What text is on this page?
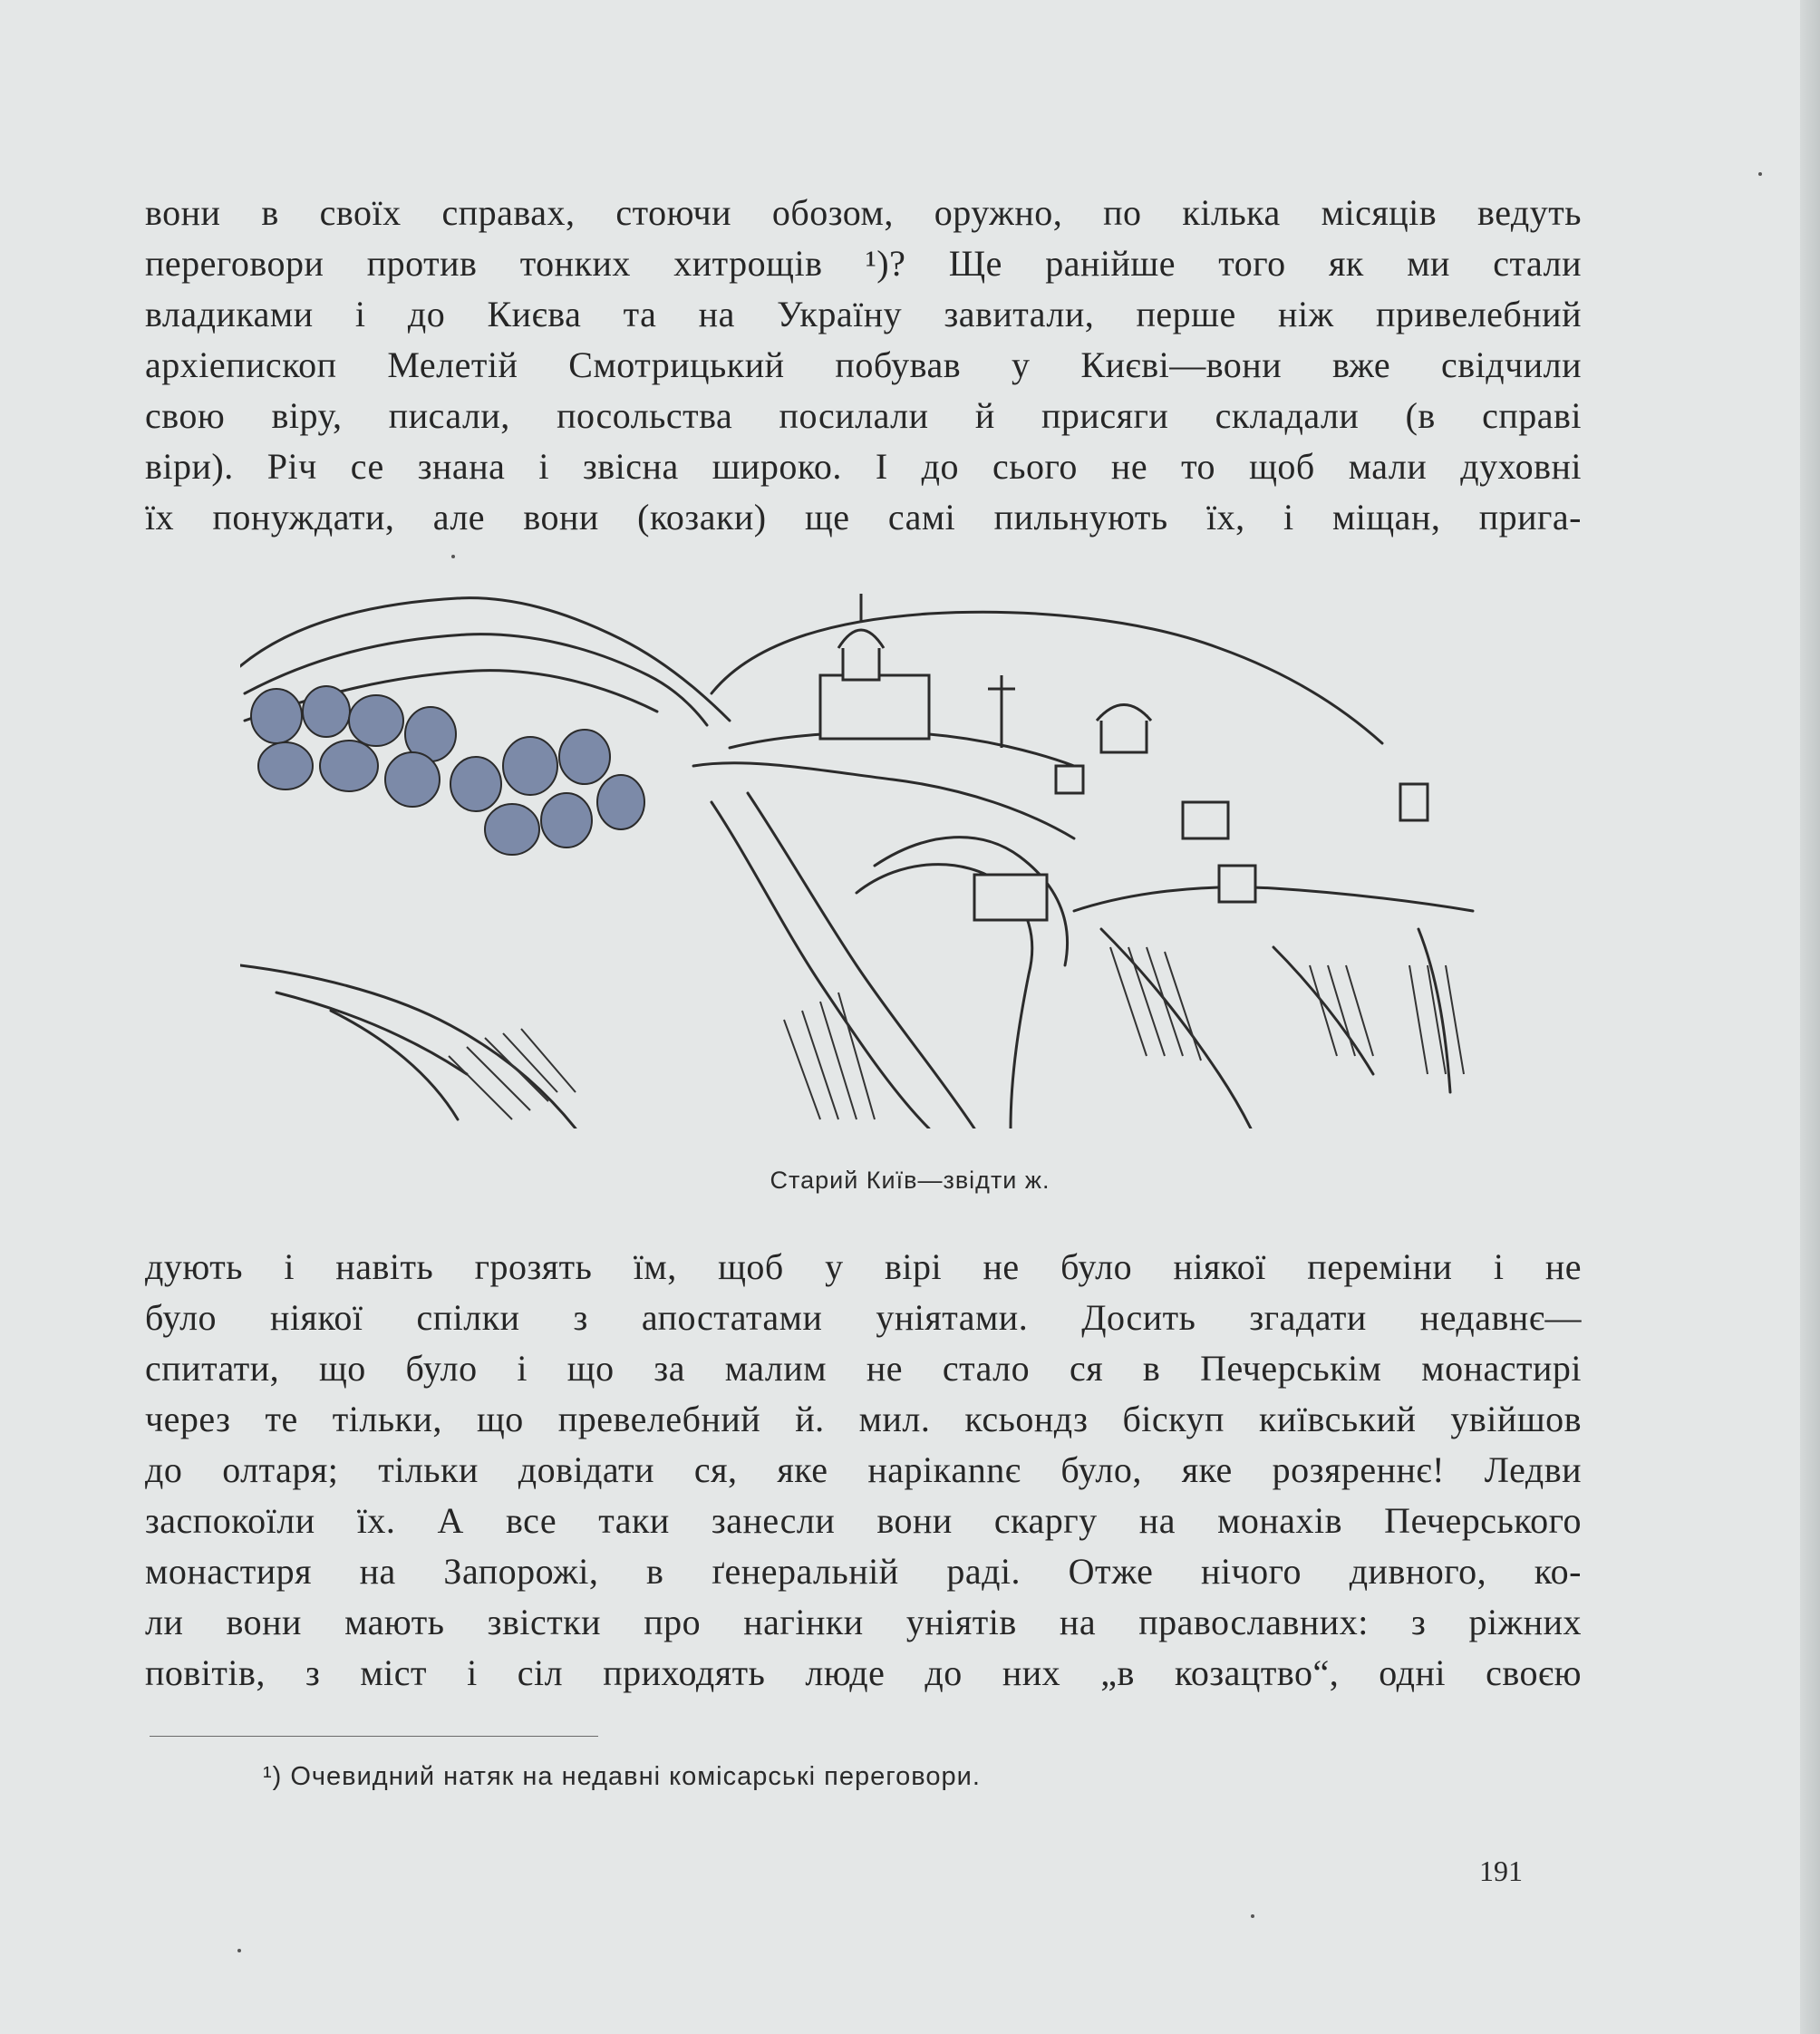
вони в своїх справах, стоючи обозом, оружно, по кілька місяців ведуть
переговори против тонких хитрощів ¹)? Ще ранійше того як ми стали
владиками і до Києва та на Україну завитали, перше ніж привелебний
архіепископ Мелетій Смотрицький побував у Києві—вони вже свідчили
свою віру, писали, посольства посилали й присяги складали (в справі
віри). Річ се знана і звісна широко. І до сього не то щоб мали духовні
їх понуждати, але вони (козаки) ще самі пильнують їх, і міщан, прига-
Старий Київ—звідти ж.
дують і навіть грозять їм, щоб у вірі не було ніякої переміни і не
було ніякої спілки з апостатами уніятами. Досить згадати недавнє—
спитати, що було і що за малим не стало ся в Печерськім монастирі
через те тільки, що превелебний й. мил. ксьондз біскуп київський увійшов
до олтаря; тільки довідати ся, яке нарікannє було, яке розяреннє! Ледви
заспокоїли їх. А все таки занесли вони скаргу на монахів Печерського
монастиря на Запорожі, в ґенеральній раді. Отже нічого дивного, ко-
ли вони мають звістки про нагінки уніятів на православних: з ріжних
повітів, з міст і сіл приходять люде до них „в козацтво“, одні своєю
¹) Очевидний натяк на недавні комісарські переговори.
191
